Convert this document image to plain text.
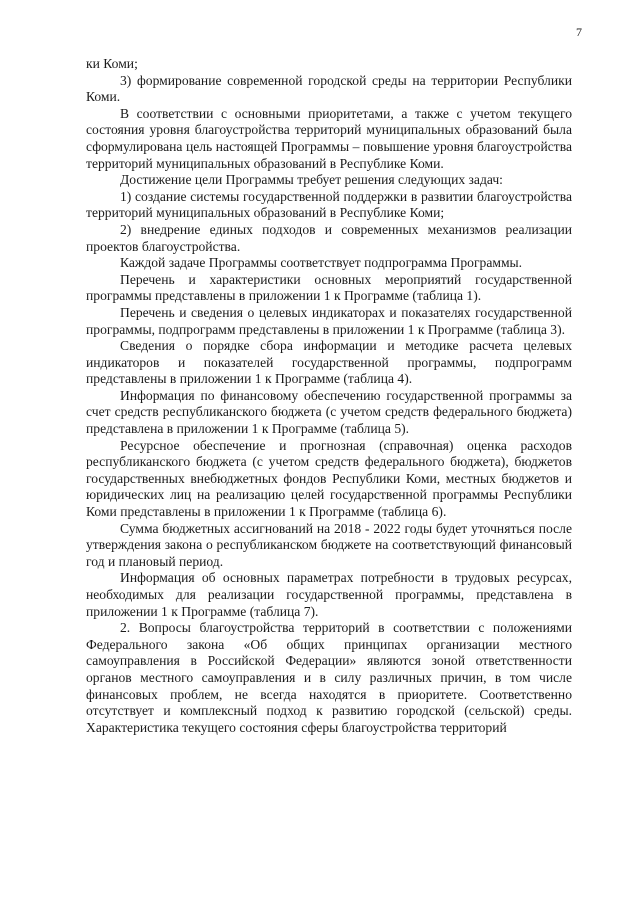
7

ки Коми;

3) формирование современной городской среды на территории Республики Коми.

В соответствии с основными приоритетами, а также с учетом текущего состояния уровня благоустройства территорий муниципальных образований была сформулирована цель настоящей Программы – повышение уровня благоустройства территорий муниципальных образований в Республике Коми.

Достижение цели Программы требует решения следующих задач:

1) создание системы государственной поддержки в развитии благоустройства территорий муниципальных образований в Республике Коми;

2) внедрение единых подходов и современных механизмов реализации проектов благоустройства.

Каждой задаче Программы соответствует подпрограмма Программы.

Перечень и характеристики основных мероприятий государственной программы представлены в приложении 1 к Программе (таблица 1).

Перечень и сведения о целевых индикаторах и показателях государственной программы, подпрограмм представлены в приложении 1 к Программе (таблица 3).

Сведения о порядке сбора информации и методике расчета целевых индикаторов и показателей государственной программы, подпрограмм представлены в приложении 1 к Программе (таблица 4).

Информация по финансовому обеспечению государственной программы за счет средств республиканского бюджета (с учетом средств федерального бюджета) представлена в приложении 1 к Программе (таблица 5).

Ресурсное обеспечение и прогнозная (справочная) оценка расходов республиканского бюджета (с учетом средств федерального бюджета), бюджетов государственных внебюджетных фондов Республики Коми, местных бюджетов и юридических лиц на реализацию целей государственной программы Республики Коми представлены в приложении 1 к Программе (таблица 6).

Сумма бюджетных ассигнований на 2018 - 2022 годы будет уточняться после утверждения закона о республиканском бюджете на соответствующий финансовый год и плановый период.

Информация об основных параметрах потребности в трудовых ресурсах, необходимых для реализации государственной программы, представлена в приложении 1 к Программе (таблица 7).

2. Вопросы благоустройства территорий в соответствии с положениями Федерального закона «Об общих принципах организации местного самоуправления в Российской Федерации» являются зоной ответственности органов местного самоуправления и в силу различных причин, в том числе финансовых проблем, не всегда находятся в приоритете. Соответственно отсутствует и комплексный подход к развитию городской (сельской) среды. Характеристика текущего состояния сферы благоустройства территорий
